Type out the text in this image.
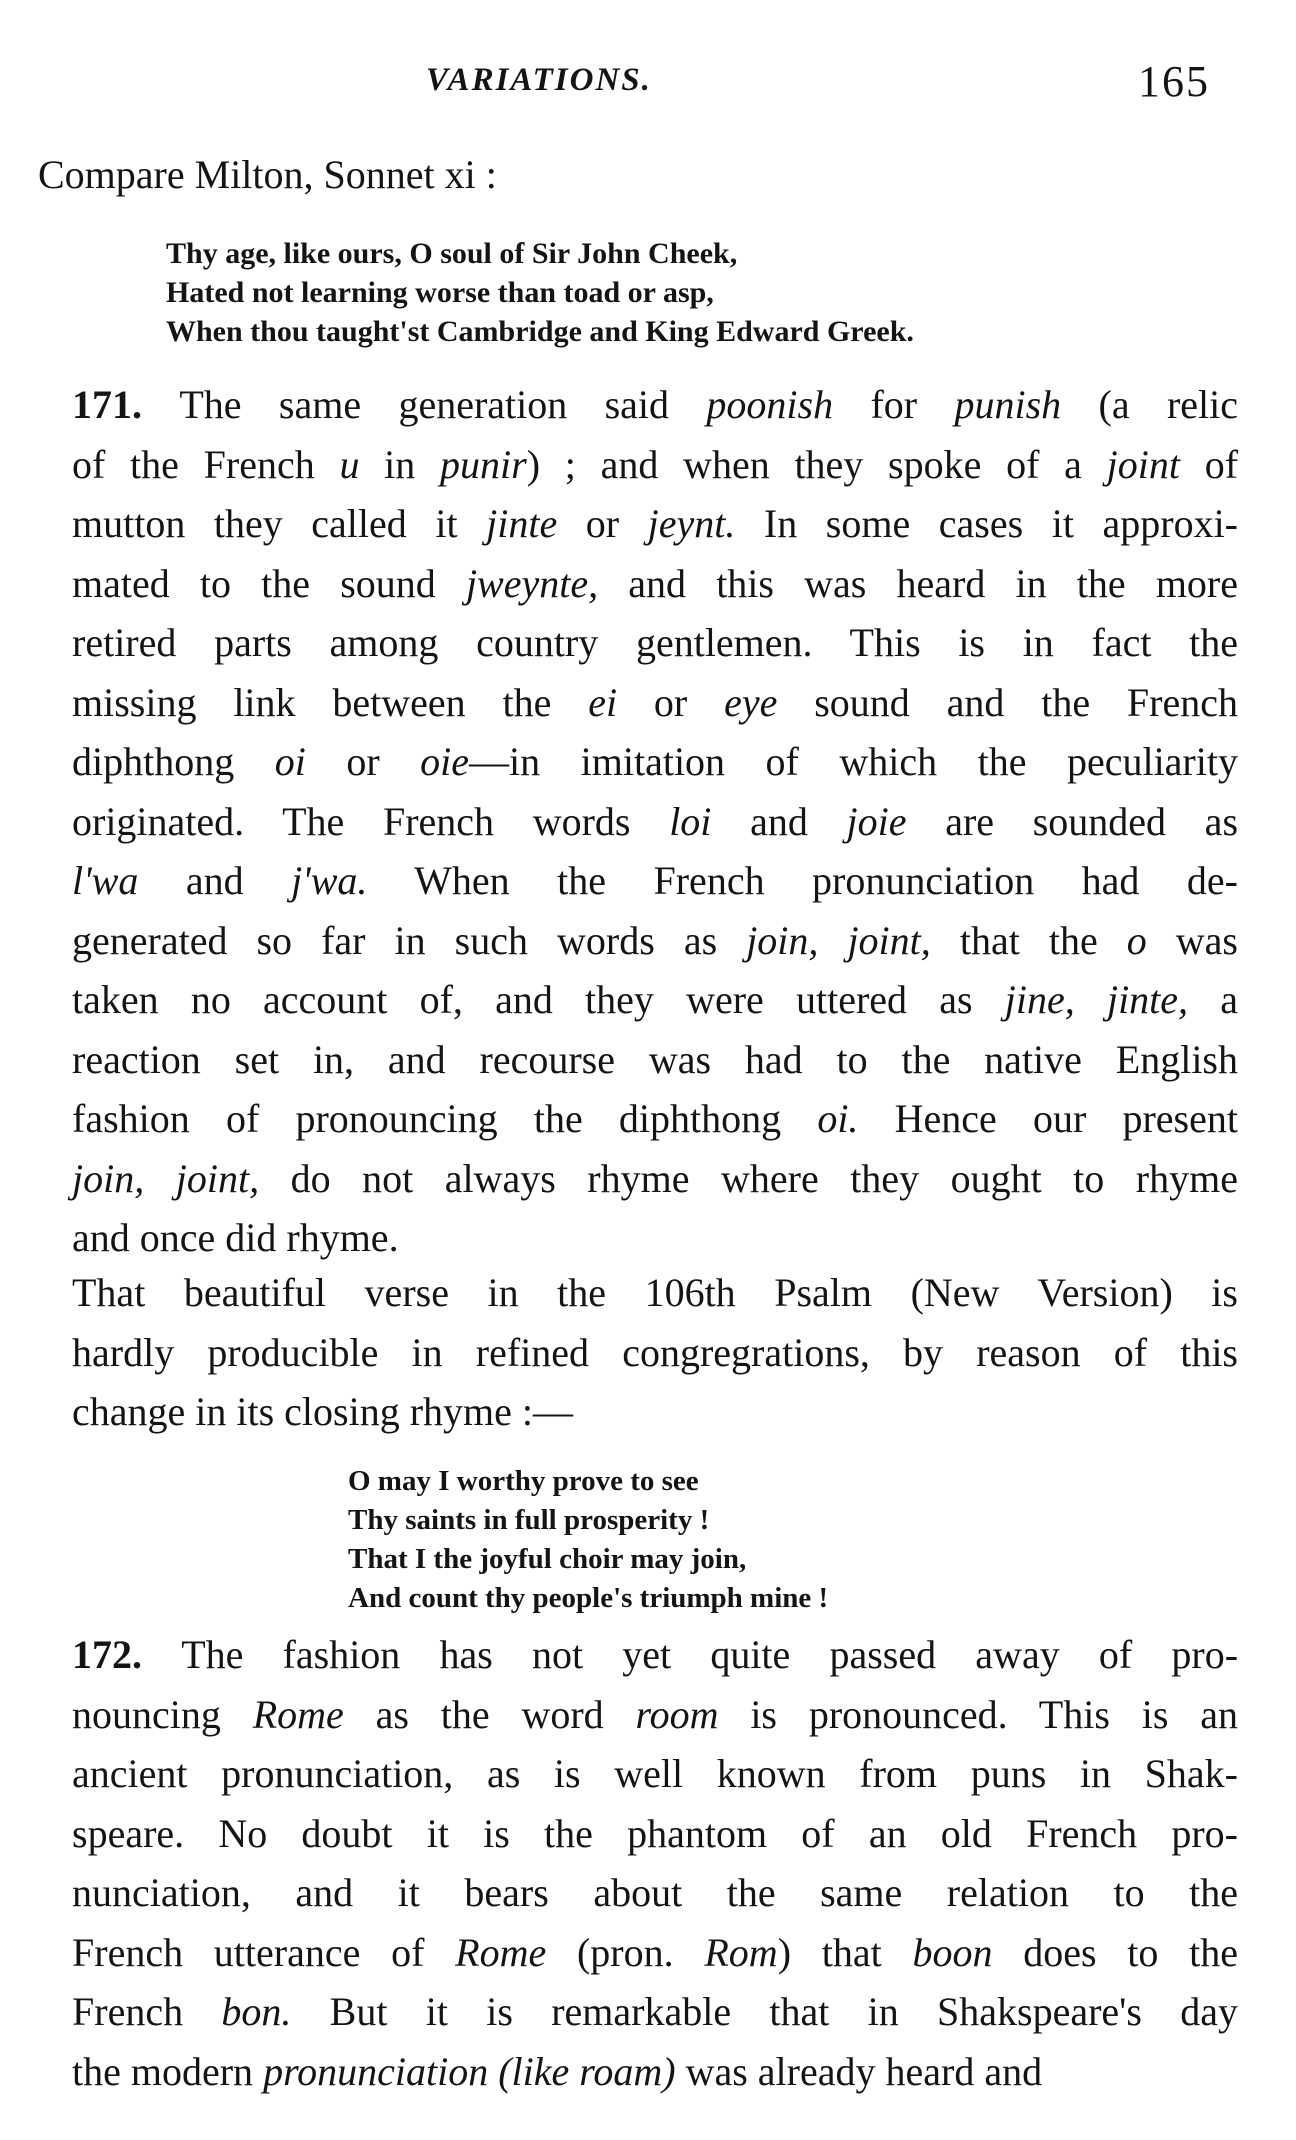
VARIATIONS.	165
Compare Milton, Sonnet xi :
Thy age, like ours, O soul of Sir John Cheek,
Hated not learning worse than toad or asp,
When thou taught'st Cambridge and King Edward Greek.
171. The same generation said poonish for punish (a relic
of the French u in punir) ; and when they spoke of a joint of
mutton they called it jinte or jeynt. In some cases it approxi-
mated to the sound jweynte, and this was heard in the more
retired parts among country gentlemen. This is in fact the
missing link between the ei or eye sound and the French
diphthong oi or oie—in imitation of which the peculiarity
originated. The French words loi and joie are sounded as
l'wa and j'wa. When the French pronunciation had de-
generated so far in such words as join, joint, that the o was
taken no account of, and they were uttered as jine, jinte, a
reaction set in, and recourse was had to the native English
fashion of pronouncing the diphthong oi. Hence our present
join, joint, do not always rhyme where they ought to rhyme
and once did rhyme.
That beautiful verse in the 106th Psalm (New Version) is
hardly producible in refined congregrations, by reason of this
change in its closing rhyme :—
O may I worthy prove to see
Thy saints in full prosperity !
That I the joyful choir may join,
And count thy people's triumph mine !
172. The fashion has not yet quite passed away of pro-
nouncing Rome as the word room is pronounced. This is an
ancient pronunciation, as is well known from puns in Shak-
speare. No doubt it is the phantom of an old French pro-
nunciation, and it bears about the same relation to the
French utterance of Rome (pron. Rom) that boon does to the
French bon. But it is remarkable that in Shakspeare's day
the modern pronunciation (like roam) was already heard and
